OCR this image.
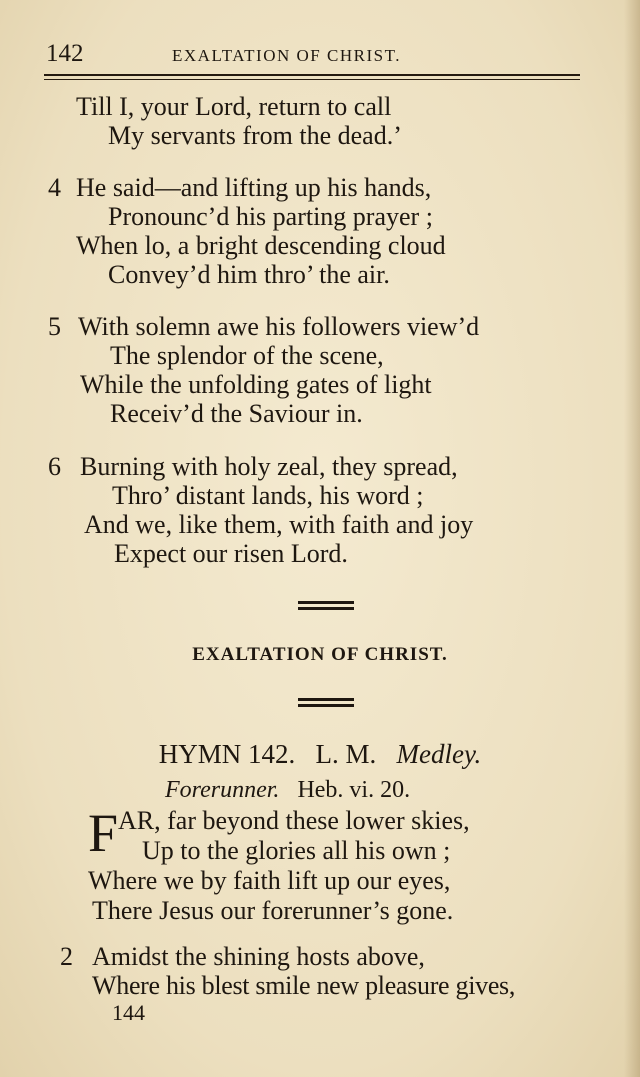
142	EXALTATION OF CHRIST.
Till I, your Lord, return to call
My servants from the dead.’
4 He said—and lifting up his hands,
Pronounc’d his parting prayer ;
When lo, a bright descending cloud
Convey’d him thro’ the air.
5 With solemn awe his followers view’d
The splendor of the scene,
While the unfolding gates of light
Receiv’d the Saviour in.
6 Burning with holy zeal, they spread,
Thro’ distant lands, his word ;
And we, like them, with faith and joy
Expect our risen Lord.
EXALTATION OF CHRIST.
HYMN 142. L. M. Medley.
Forerunner. Heb. vi. 20.
F AR, far beyond these lower skies,
Up to the glories all his own ;
Where we by faith lift up our eyes,
There Jesus our forerunner’s gone.
2 Amidst the shining hosts above,
Where his blest smile new pleasure gives,
144
